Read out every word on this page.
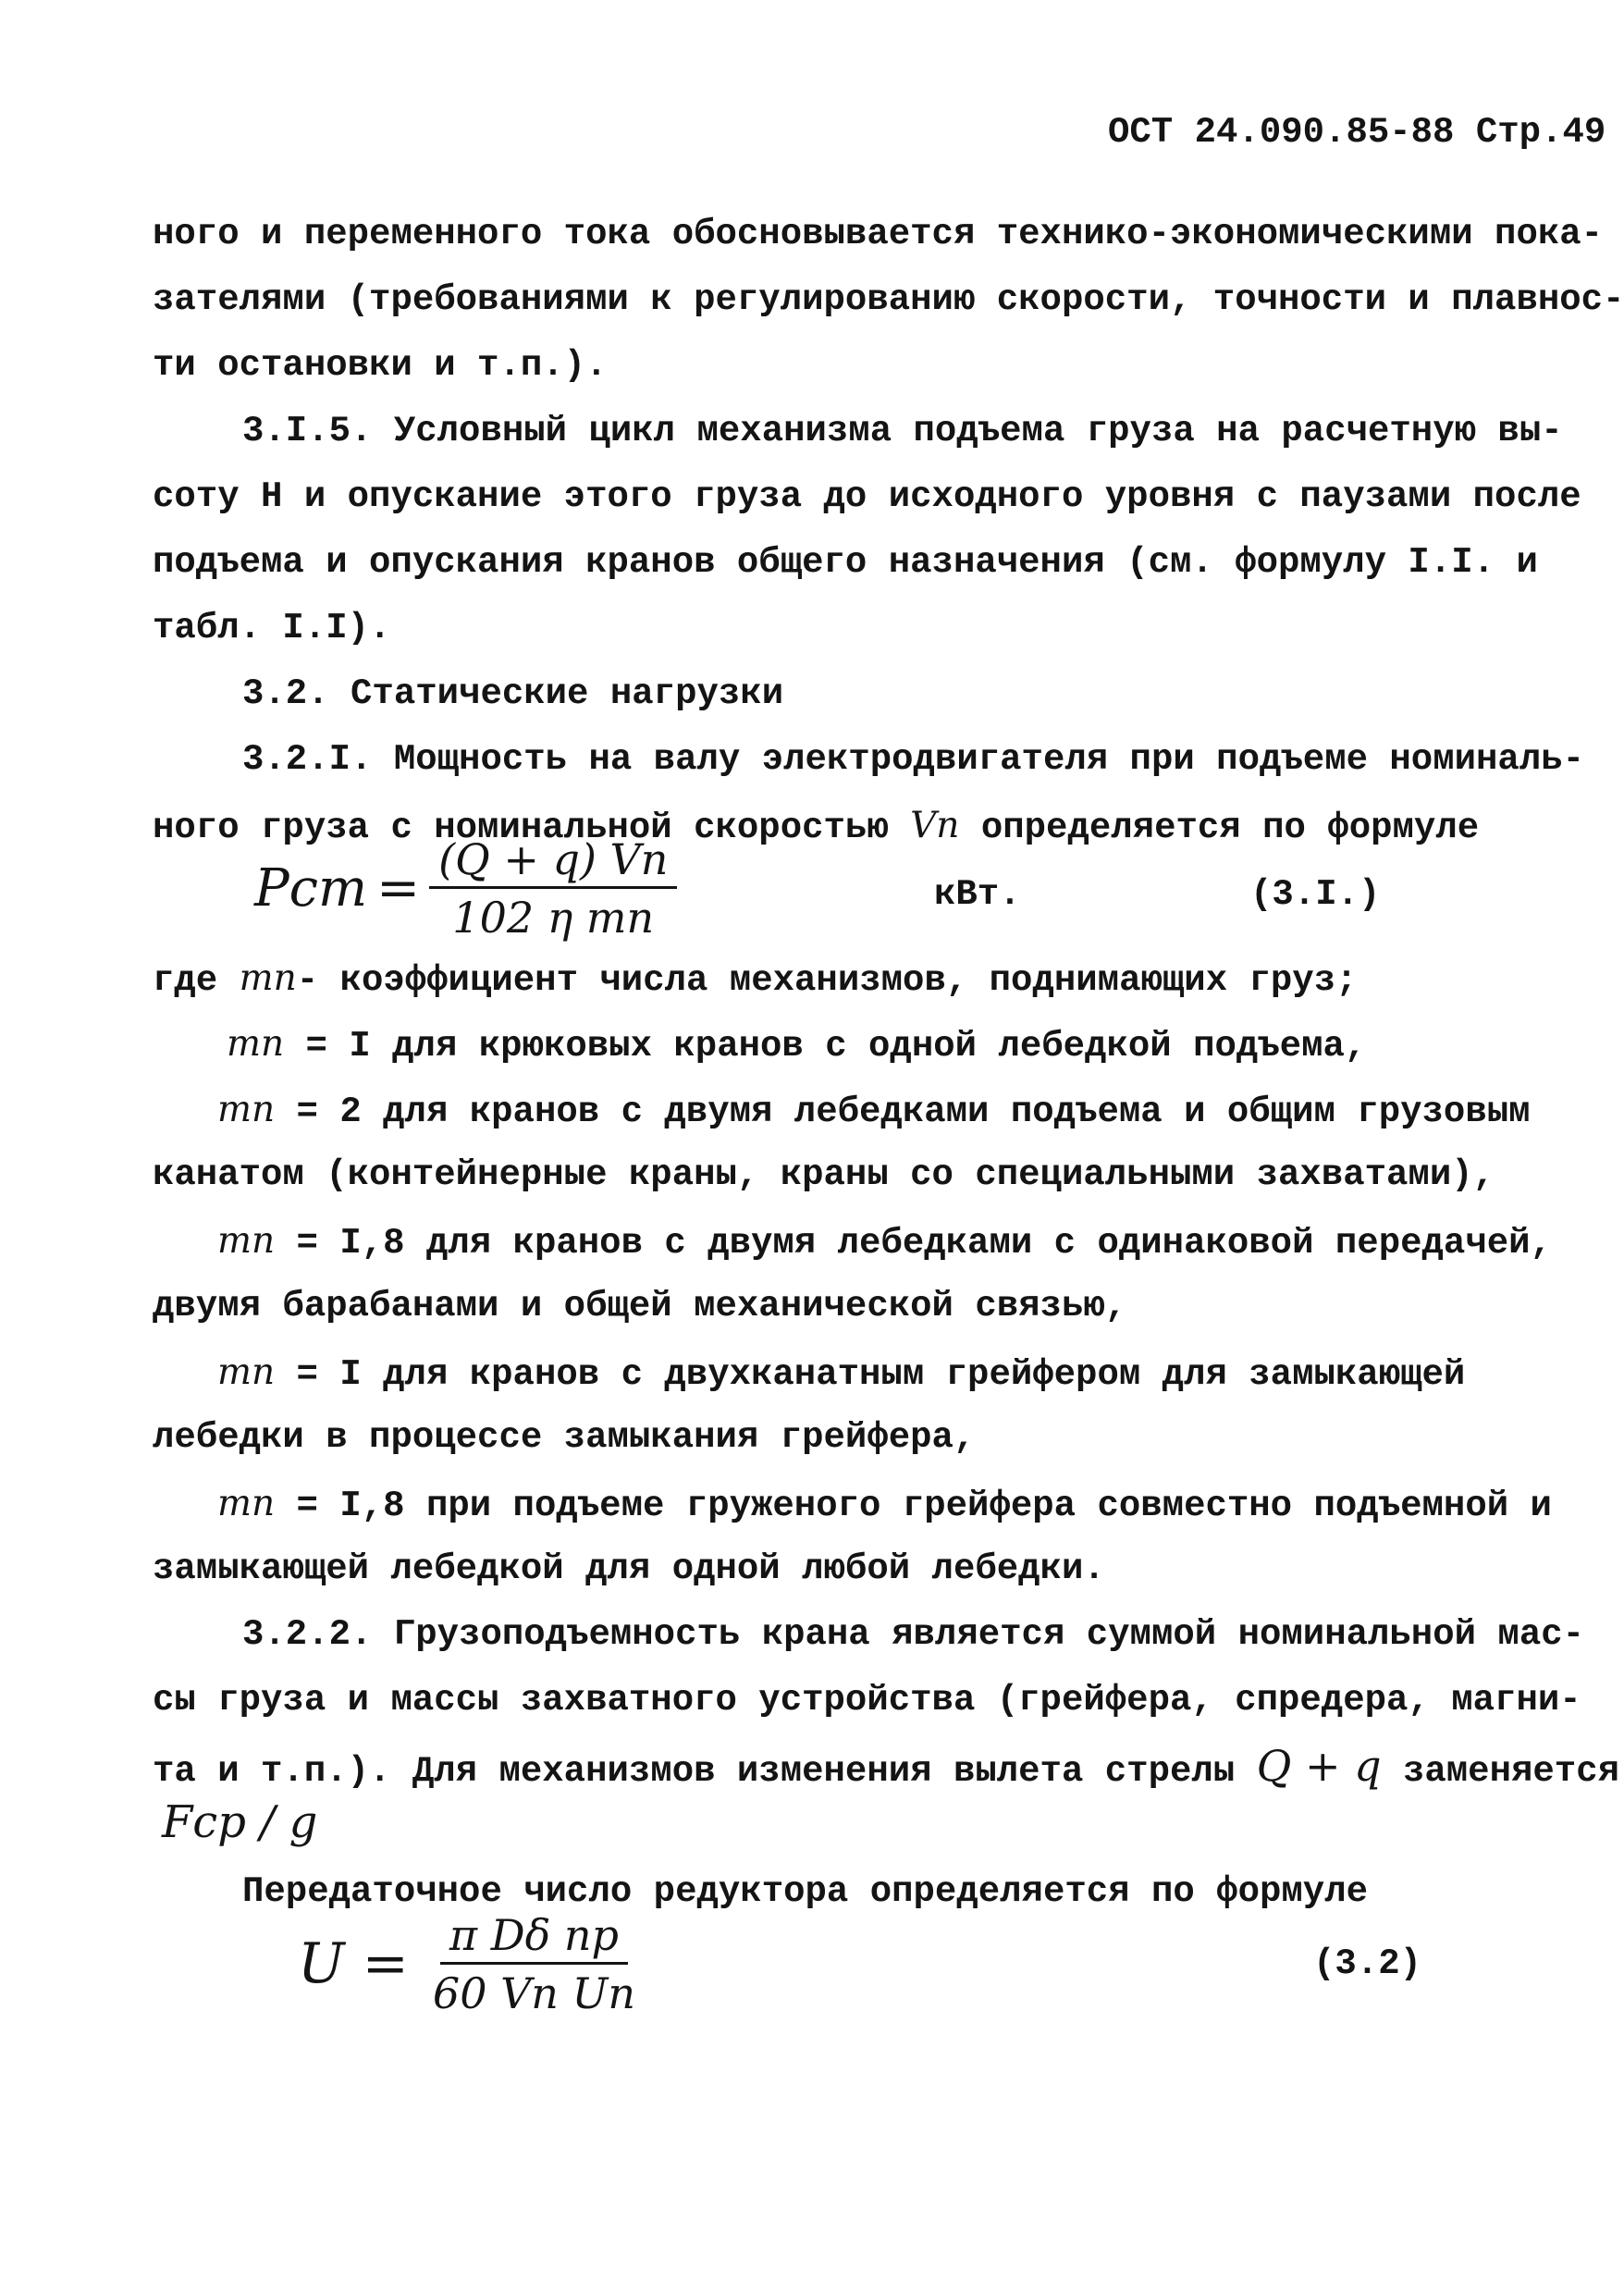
ОСТ 24.090.85-88 Стр.49

ного и переменного тока обосновывается технико-экономическими пока-

зателями (требованиями к регулированию скорости, точности и плавнос-

ти остановки и т.п.).

3.I.5. Условный цикл механизма подъема груза на расчетную вы-

соту Н и опускание этого груза до исходного уровня с паузами после

подъема и опускания кранов общего назначения (см. формулу I.I. и

табл. I.I).

3.2. Статические нагрузки

3.2.I. Мощность на валу электродвигателя при подъеме номиналь-

ного груза с номинальной скоростью Vп определяется по формуле

Pст = $\frac{(Q + q) Vп}{\text{102 η mп}}$	кВт.	(3.I.)

где mп- коэффициент числа механизмов, поднимающих груз;

mп = I для крюковых кранов с одной лебедкой подъема,

mп = 2 для кранов с двумя лебедками подъема и общим грузовым

канатом (контейнерные краны, краны со специальными захватами),

mп = I,8 для кранов с двумя лебедками с одинаковой передачей,

двумя барабанами и общей механической связью,

mп = I для кранов с двухканатным грейфером для замыкающей

лебедки в процессе замыкания грейфера,

mп = I,8 при подъеме груженого грейфера совместно подъемной и

замыкающей лебедкой для одной любой лебедки.

3.2.2. Грузоподъемность крана является суммой номинальной мас-

сы груза и массы захватного устройства (грейфера, спредера, магни-

та и т.п.). Для механизмов изменения вылета стрелы Q + q заменяется

Fср / g

Передаточное число редуктора определяется по формуле

$U = \frac{\text{π Dδ nр}}{\text{60 Vп Uп}}$	(3.2)
